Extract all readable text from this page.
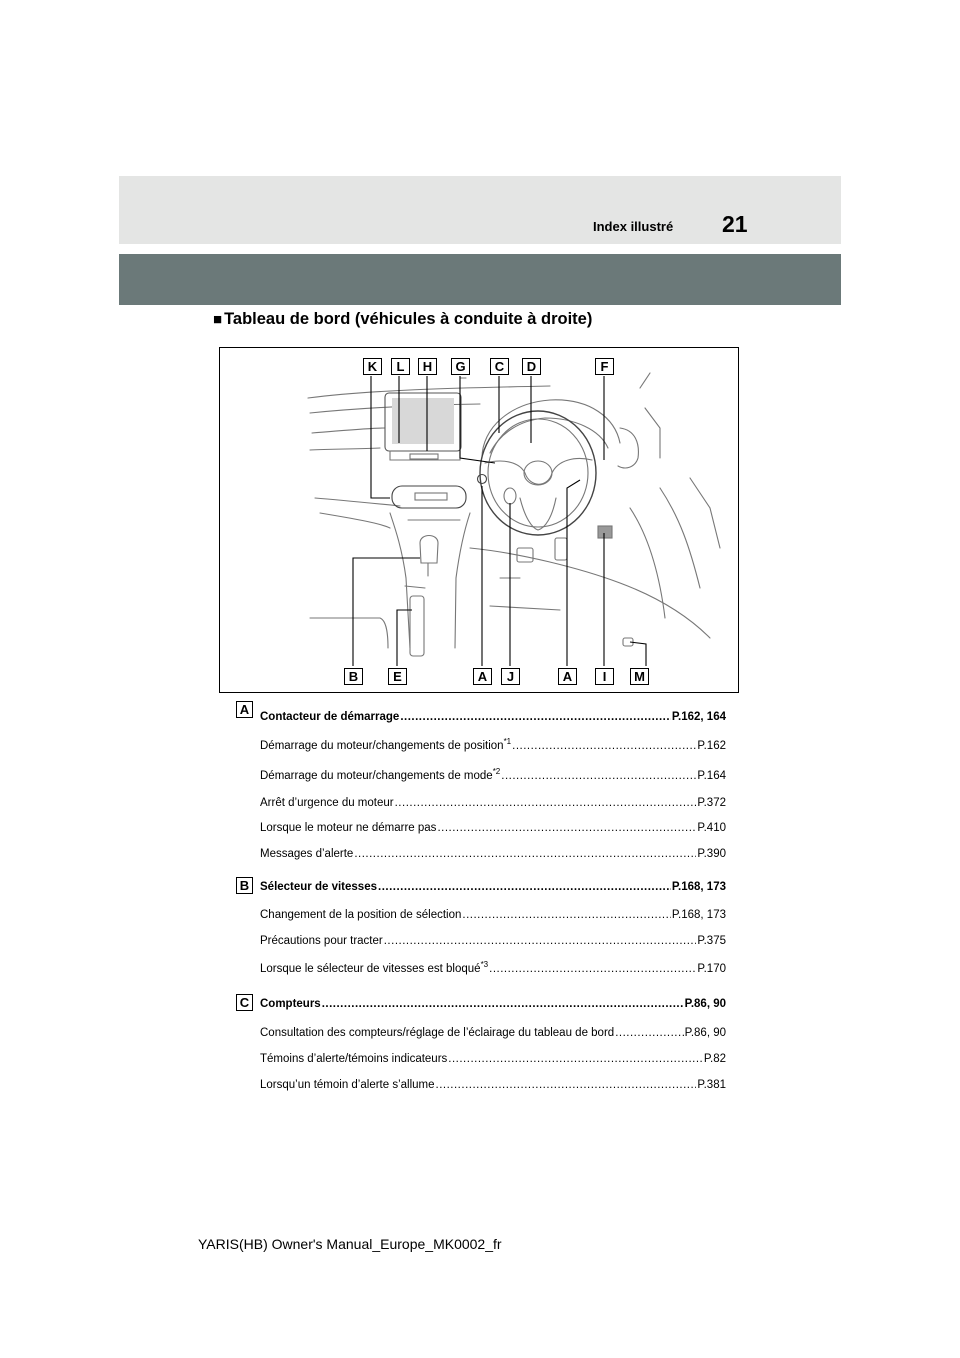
Index illustré 21
■ Tableau de bord (véhicules à conduite à droite)
K	L	H	G	C	D	F
B	E	A	J	A	I	M
A Contacteur de démarrage .....	P.162, 164
Démarrage du moteur/changements de position$^{*1}$ .....	P.162
Démarrage du moteur/changements de mode$^{*2}$ .....	P.164
Arrêt d’urgence du moteur .....	P.372
Lorsque le moteur ne démarre pas .....	P.410
Messages d’alerte .....	P.390
B Sélecteur de vitesses .....	P.168, 173
Changement de la position de sélection .....	P.168, 173
Précautions pour tracter .....	P.375
Lorsque le sélecteur de vitesses est bloqué$^{*3}$ .....	P.170
C Compteurs .....	P.86, 90
Consultation des compteurs/réglage de l’éclairage du tableau de bord .....	P.86, 90
Témoins d’alerte/témoins indicateurs .....	P.82
Lorsqu’un témoin d’alerte s’allume .....	P.381
YARIS(HB) Owner's Manual_Europe_MK0002_fr
